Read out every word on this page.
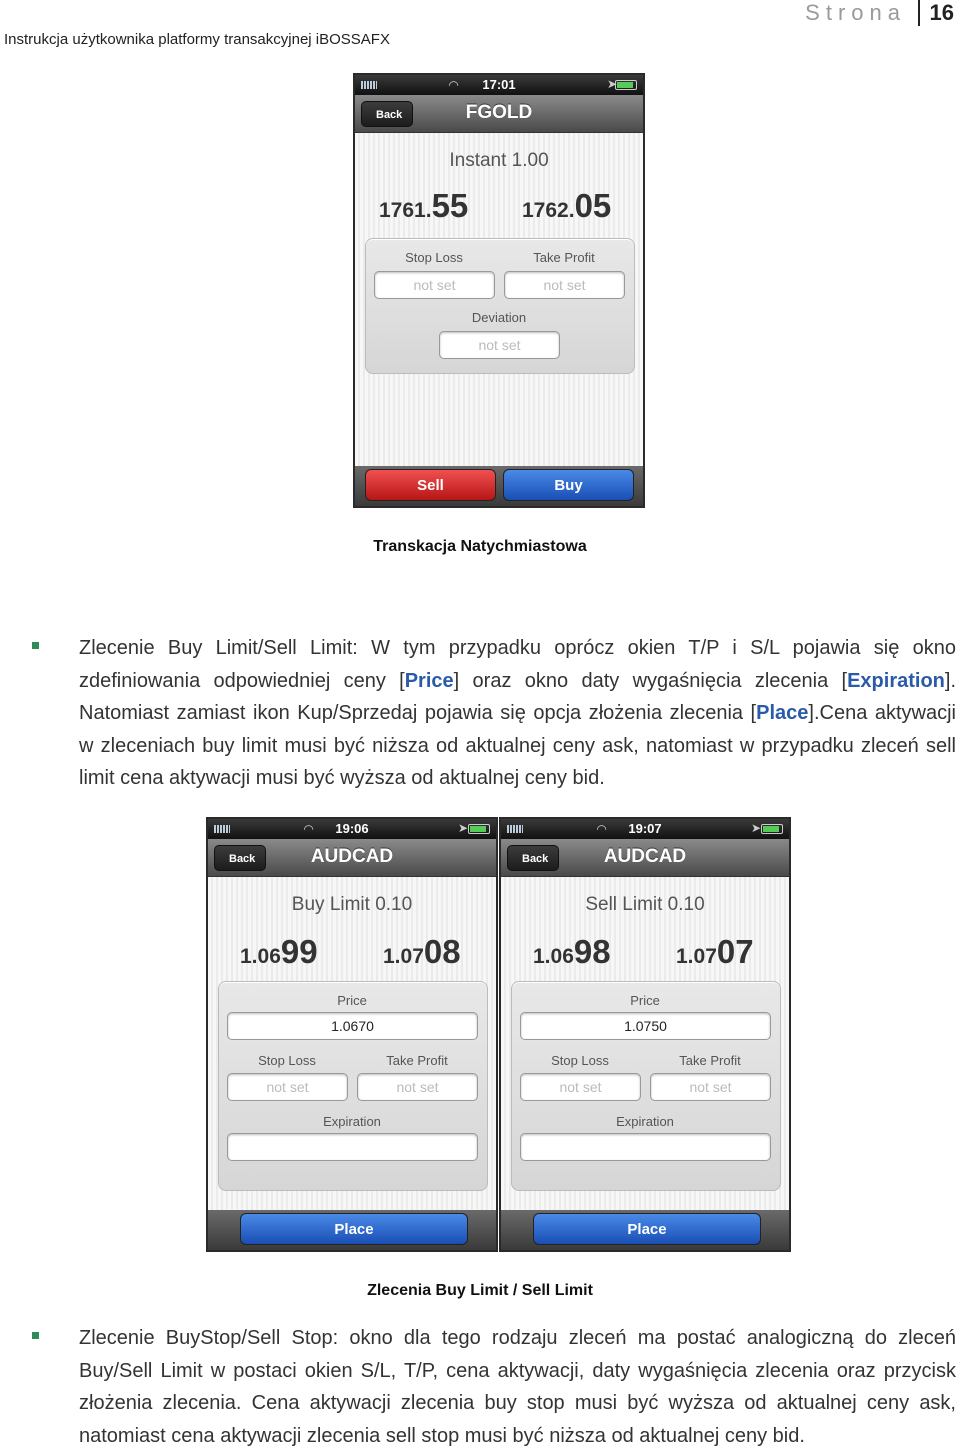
Instrukcja użytkownika platformy transakcyjnej iBOSSAFX
Strona	16
◠	17:01	➤
Back	FGOLD
Instant 1.00
1761.55	1762.05
Stop Loss
not set
Take Profit
not set
Deviation
not set
Sell	Buy
Transkacja Natychmiastowa

Zlecenie Buy Limit/Sell Limit: W tym przypadku oprócz okien T/P i S/L pojawia się okno zdefiniowania odpowiedniej ceny [Price] oraz okno daty wygaśnięcia zlecenia [Expiration]. Natomiast zamiast ikon Kup/Sprzedaj pojawia się opcja złożenia zlecenia [Place].Cena aktywacji w zleceniach buy limit musi być niższa od aktualnej ceny ask, natomiast w przypadku zleceń sell limit cena aktywacji musi być wyższa od aktualnej ceny bid.

◠	19:06	➤
Back	AUDCAD
Buy Limit 0.10
1.0699	1.0708
Price
1.0670
Stop Loss
not set
Take Profit
not set
Expiration
Place
◠	19:07	➤
Back	AUDCAD
Sell Limit 0.10
1.0698	1.0707
Price
1.0750
Stop Loss
not set
Take Profit
not set
Expiration
Place
Zlecenia Buy Limit / Sell Limit

Zlecenie BuyStop/Sell Stop: okno dla tego rodzaju zleceń ma postać analogiczną do zleceń Buy/Sell Limit w postaci okien S/L, T/P, cena aktywacji, daty wygaśnięcia zlecenia oraz przycisk złożenia zlecenia. Cena aktywacji zlecenia buy stop musi być wyższa od aktualnej ceny ask, natomiast cena aktywacji zlecenia sell stop musi być niższa od aktualnej ceny bid.
